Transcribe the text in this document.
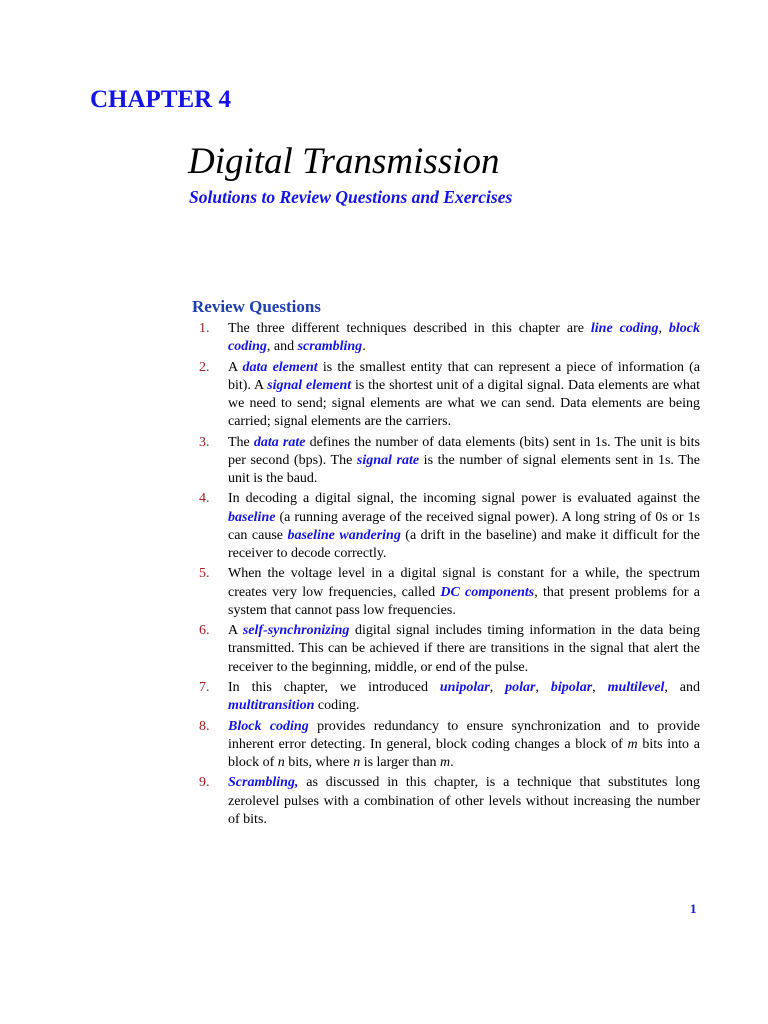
CHAPTER 4
Digital Transmission
Solutions to Review Questions and Exercises
Review Questions
1. The three different techniques described in this chapter are line coding, block coding, and scrambling.
2. A data element is the smallest entity that can represent a piece of information (a bit). A signal element is the shortest unit of a digital signal. Data elements are what we need to send; signal elements are what we can send. Data elements are being carried; signal elements are the carriers.
3. The data rate defines the number of data elements (bits) sent in 1s. The unit is bits per second (bps). The signal rate is the number of signal elements sent in 1s. The unit is the baud.
4. In decoding a digital signal, the incoming signal power is evaluated against the baseline (a running average of the received signal power). A long string of 0s or 1s can cause baseline wandering (a drift in the baseline) and make it difficult for the receiver to decode correctly.
5. When the voltage level in a digital signal is constant for a while, the spectrum creates very low frequencies, called DC components, that present problems for a system that cannot pass low frequencies.
6. A self-synchronizing digital signal includes timing information in the data being transmitted. This can be achieved if there are transitions in the signal that alert the receiver to the beginning, middle, or end of the pulse.
7. In this chapter, we introduced unipolar, polar, bipolar, multilevel, and multitransition coding.
8. Block coding provides redundancy to ensure synchronization and to provide inherent error detecting. In general, block coding changes a block of m bits into a block of n bits, where n is larger than m.
9. Scrambling, as discussed in this chapter, is a technique that substitutes long zerolevel pulses with a combination of other levels without increasing the number of bits.
1
